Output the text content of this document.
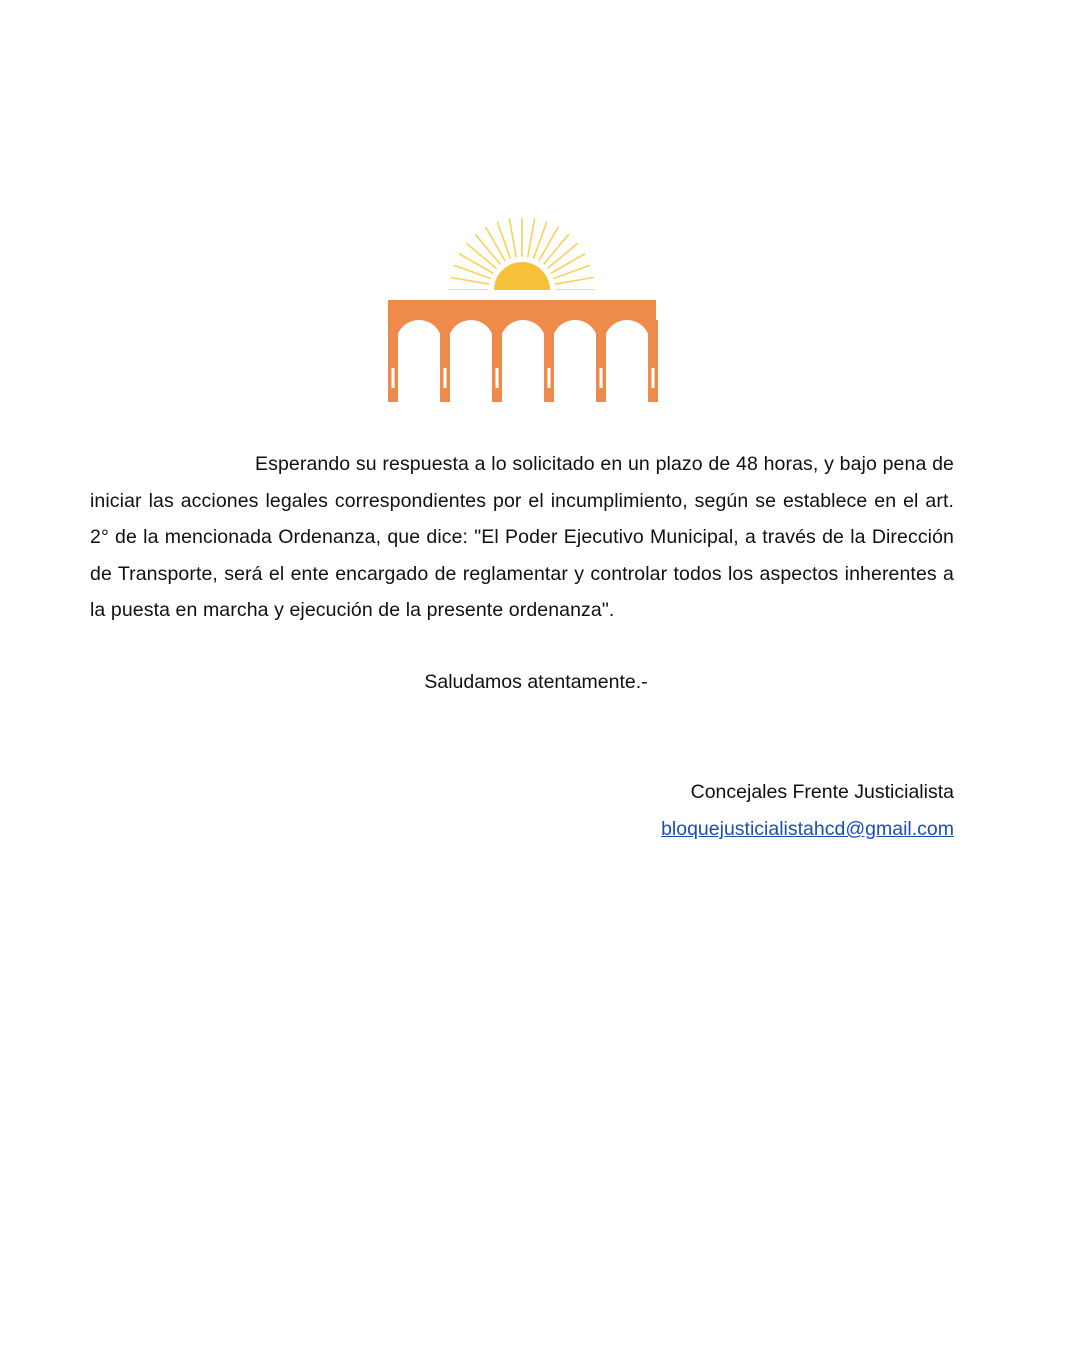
Esperando su respuesta a lo solicitado en un plazo de 48 horas, y bajo pena de iniciar las acciones legales correspondientes por el incumplimiento, según se establece en el art. 2° de la mencionada Ordenanza, que dice: "El Poder Ejecutivo Municipal, a través de la Dirección de Transporte, será el ente encargado de reglamentar y controlar todos los aspectos inherentes a la puesta en marcha y ejecución de la presente ordenanza".

Saludamos atentamente.-

Concejales Frente Justicialista
bloquejusticialistahcd@gmail.com
